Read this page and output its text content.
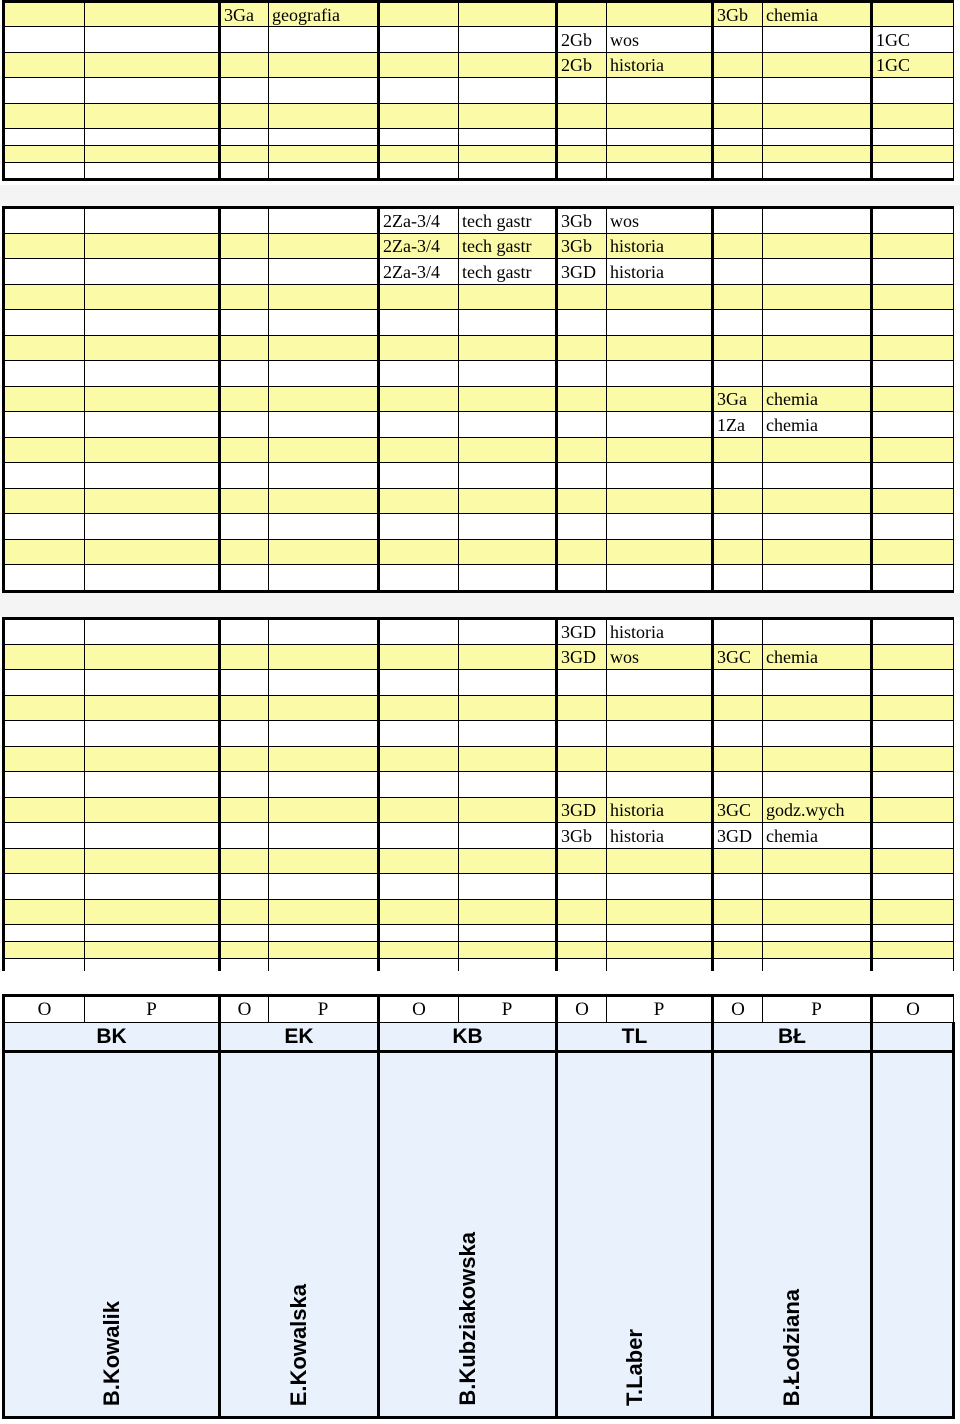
		3Ga	geografia					3Gb	chemia	
						2Gb	wos			1GC
						2Gb	historia			1GC

				2Za-3/4	tech gastr	3Gb	wos			
				2Za-3/4	tech gastr	3Gb	historia			
				2Za-3/4	tech gastr	3GD	historia			

								3Ga	chemia	
								1Za	chemia	

						3GD	historia			
						3GD	wos	3GC	chemia	

						3GD	historia	3GC	godz.wych	
						3Gb	historia	3GD	chemia	

O	P	O	P	O	P	O	P	O	P	O
BK		EK		KB		TL		BŁ		
B.Kowalik		E.Kowalska		B.Kubziakowska		T.Laber		B.Łodziana		
